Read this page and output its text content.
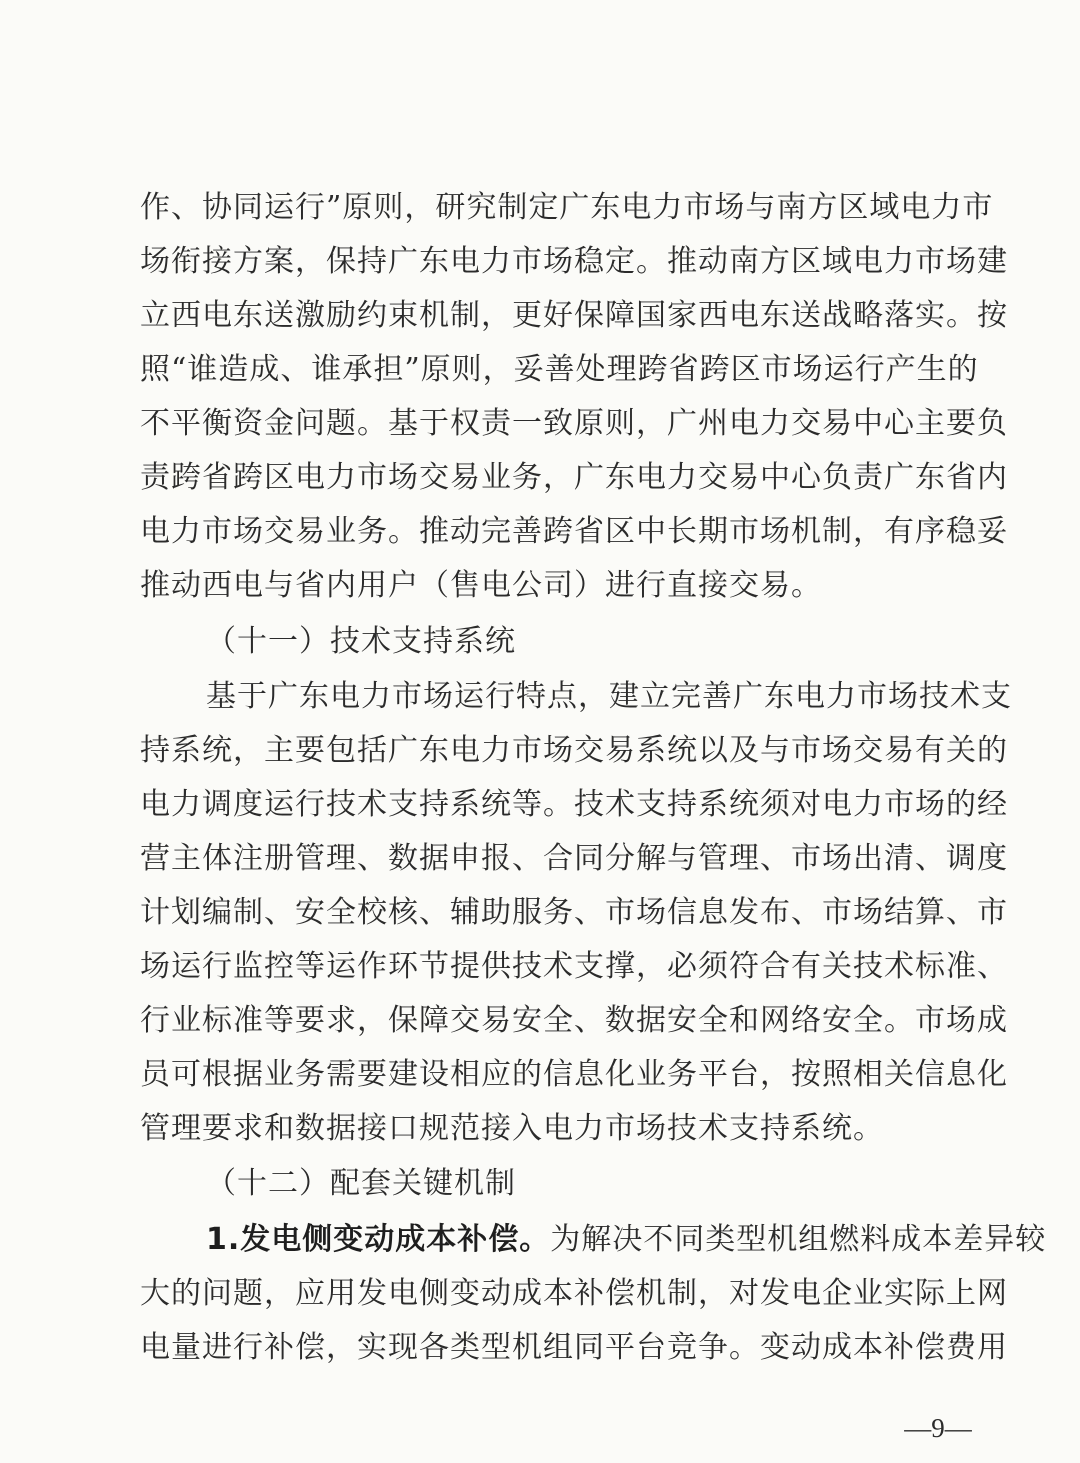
作、协同运行”原则，研究制定广东电力市场与南方区域电力市
场衔接方案，保持广东电力市场稳定。推动南方区域电力市场建
立西电东送激励约束机制，更好保障国家西电东送战略落实。按
照“谁造成、谁承担”原则，妥善处理跨省跨区市场运行产生的
不平衡资金问题。基于权责一致原则，广州电力交易中心主要负
责跨省跨区电力市场交易业务，广东电力交易中心负责广东省内
电力市场交易业务。推动完善跨省区中长期市场机制，有序稳妥
推动西电与省内用户（售电公司）进行直接交易。
（十一）技术支持系统
基于广东电力市场运行特点，建立完善广东电力市场技术支
持系统，主要包括广东电力市场交易系统以及与市场交易有关的
电力调度运行技术支持系统等。技术支持系统须对电力市场的经
营主体注册管理、数据申报、合同分解与管理、市场出清、调度
计划编制、安全校核、辅助服务、市场信息发布、市场结算、市
场运行监控等运作环节提供技术支撑，必须符合有关技术标准、
行业标准等要求，保障交易安全、数据安全和网络安全。市场成
员可根据业务需要建设相应的信息化业务平台，按照相关信息化
管理要求和数据接口规范接入电力市场技术支持系统。
（十二）配套关键机制
1.发电侧变动成本补偿。为解决不同类型机组燃料成本差异较
大的问题，应用发电侧变动成本补偿机制，对发电企业实际上网
电量进行补偿，实现各类型机组同平台竞争。变动成本补偿费用
—9—
